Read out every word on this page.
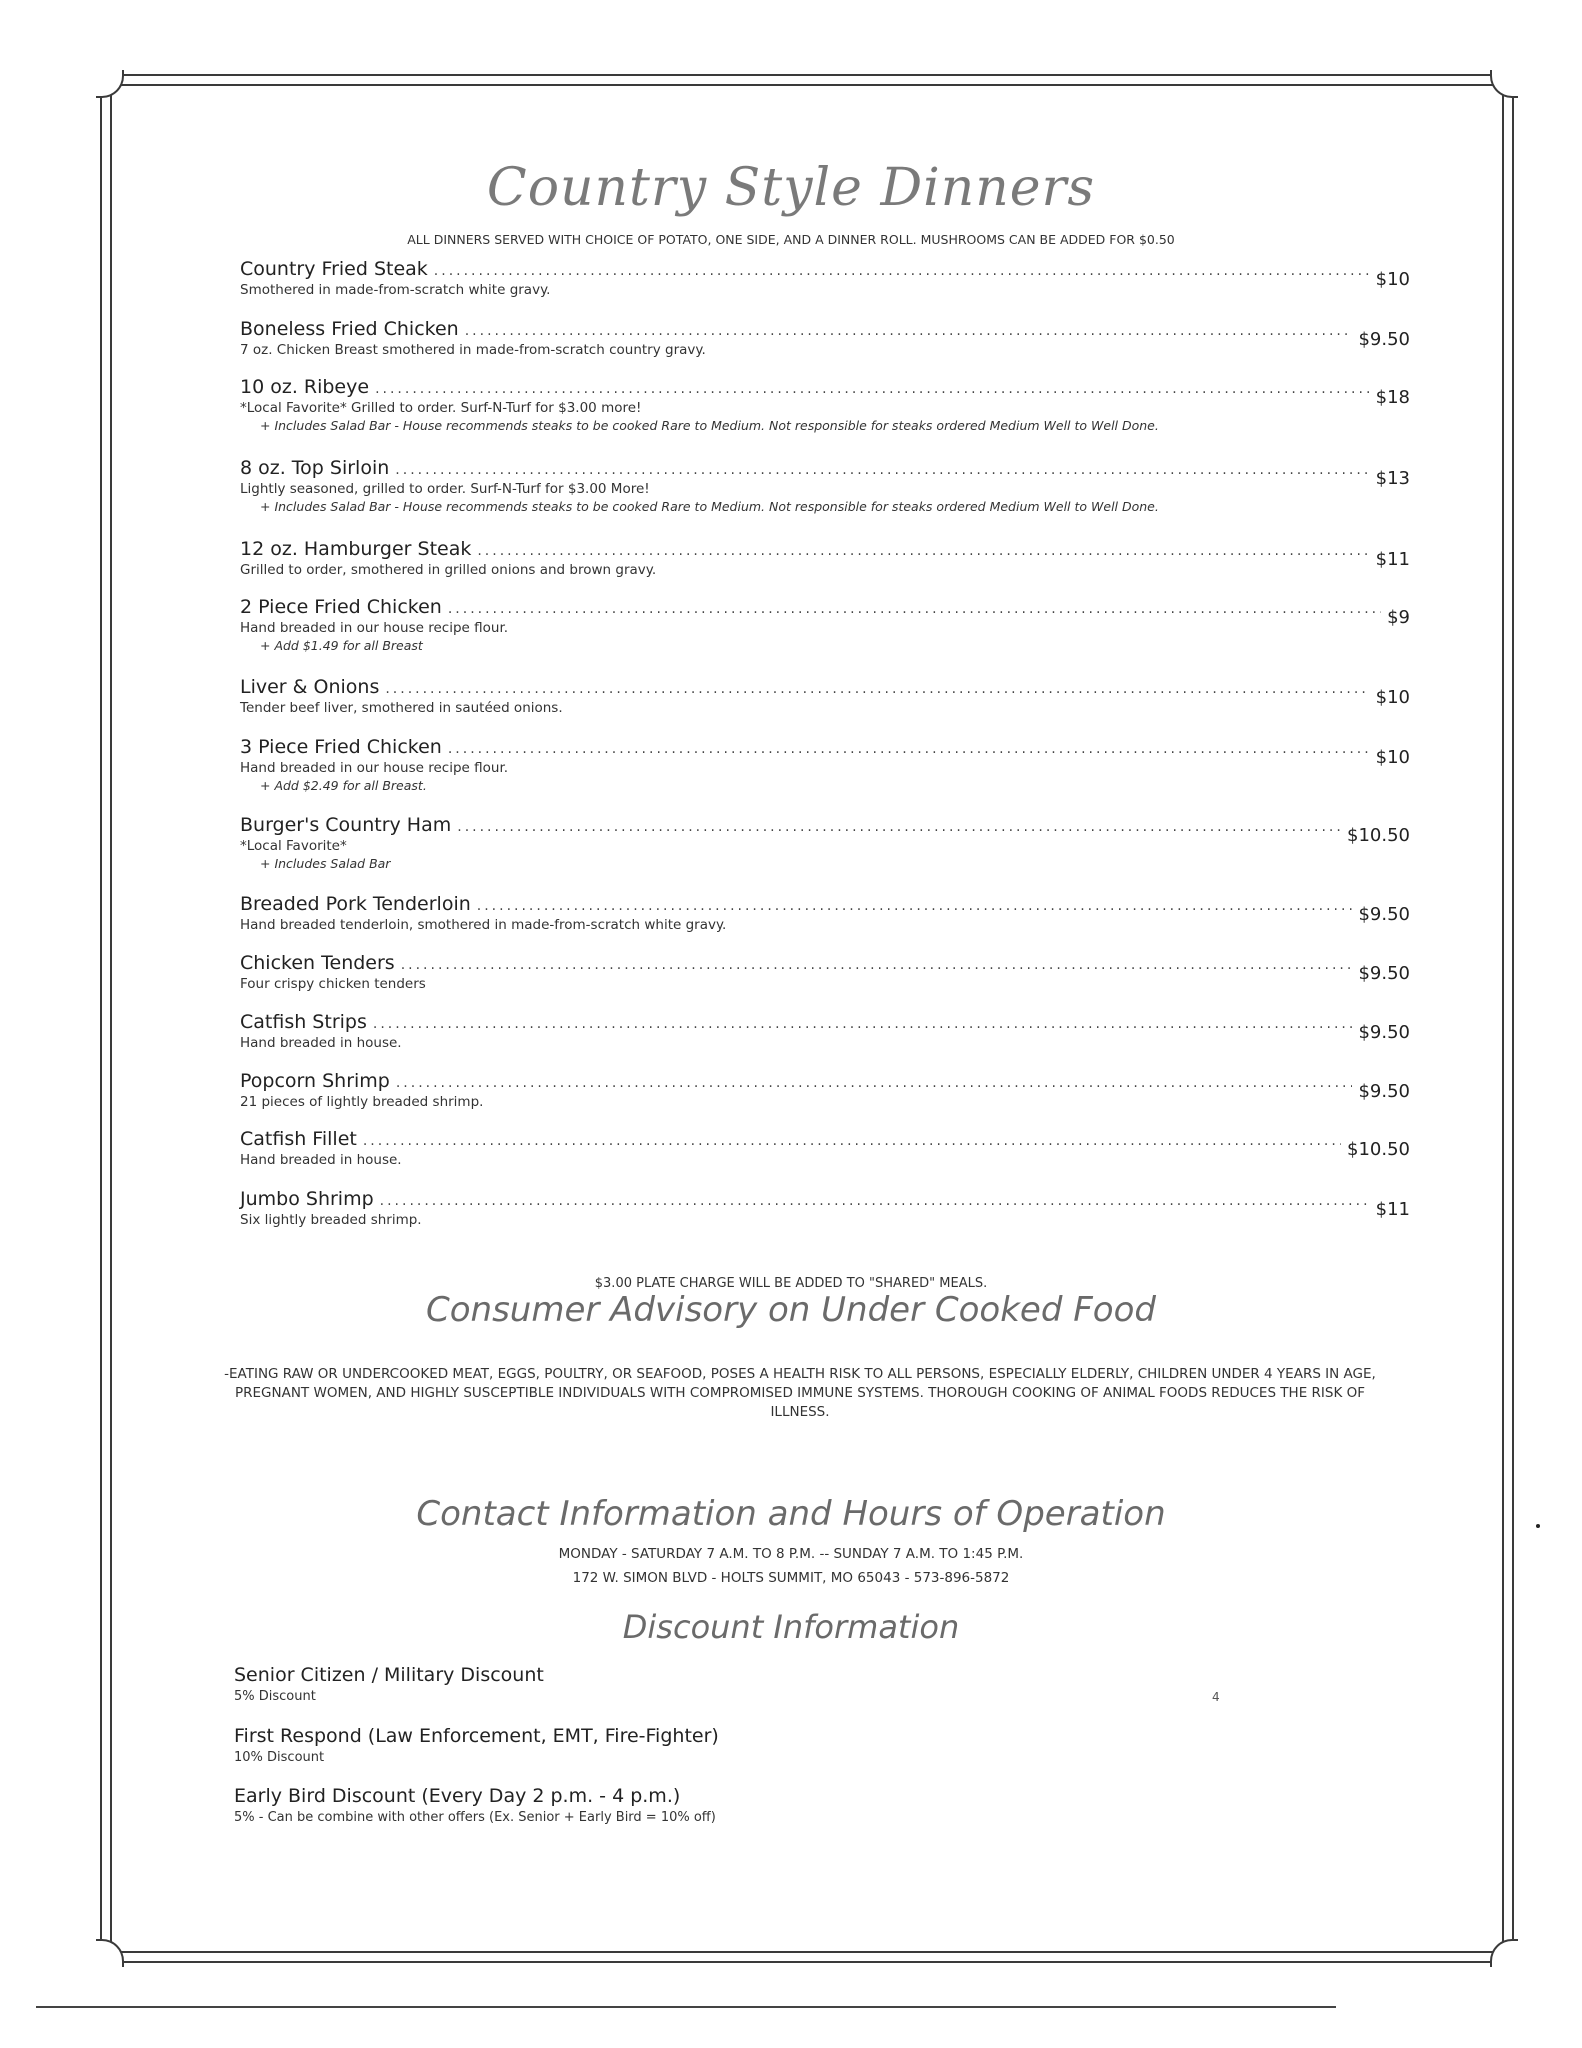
Country Style Dinners
ALL DINNERS SERVED WITH CHOICE OF POTATO, ONE SIDE, AND A DINNER ROLL. MUSHROOMS CAN BE ADDED FOR $0.50
Country Fried Steak .....	$10
Smothered in made-from-scratch white gravy.
Boneless Fried Chicken .....	$9.50
7 oz. Chicken Breast smothered in made-from-scratch country gravy.
10 oz. Ribeye .....	$18
*Local Favorite* Grilled to order. Surf-N-Turf for $3.00 more!
+ Includes Salad Bar - House recommends steaks to be cooked Rare to Medium. Not responsible for steaks ordered Medium Well to Well Done.
8 oz. Top Sirloin .....	$13
Lightly seasoned, grilled to order. Surf-N-Turf for $3.00 More!
+ Includes Salad Bar - House recommends steaks to be cooked Rare to Medium. Not responsible for steaks ordered Medium Well to Well Done.
12 oz. Hamburger Steak .....	$11
Grilled to order, smothered in grilled onions and brown gravy.
2 Piece Fried Chicken .....	$9
Hand breaded in our house recipe flour.
+ Add $1.49 for all Breast
Liver & Onions .....	$10
Tender beef liver, smothered in sautéed onions.
3 Piece Fried Chicken .....	$10
Hand breaded in our house recipe flour.
+ Add $2.49 for all Breast.
Burger's Country Ham .....	$10.50
*Local Favorite*
+ Includes Salad Bar
Breaded Pork Tenderloin .....	$9.50
Hand breaded tenderloin, smothered in made-from-scratch white gravy.
Chicken Tenders .....	$9.50
Four crispy chicken tenders
Catfish Strips .....	$9.50
Hand breaded in house.
Popcorn Shrimp .....	$9.50
21 pieces of lightly breaded shrimp.
Catfish Fillet .....	$10.50
Hand breaded in house.
Jumbo Shrimp .....	$11
Six lightly breaded shrimp.
$3.00 PLATE CHARGE WILL BE ADDED TO "SHARED" MEALS.
Consumer Advisory on Under Cooked Food
-EATING RAW OR UNDERCOOKED MEAT, EGGS, POULTRY, OR SEAFOOD, POSES A HEALTH RISK TO ALL PERSONS, ESPECIALLY ELDERLY, CHILDREN UNDER 4 YEARS IN AGE, PREGNANT WOMEN, AND HIGHLY SUSCEPTIBLE INDIVIDUALS WITH COMPROMISED IMMUNE SYSTEMS. THOROUGH COOKING OF ANIMAL FOODS REDUCES THE RISK OF ILLNESS.
Contact Information and Hours of Operation
MONDAY - SATURDAY 7 A.M. TO 8 P.M. -- SUNDAY 7 A.M. TO 1:45 P.M.
172 W. SIMON BLVD - HOLTS SUMMIT, MO 65043 - 573-896-5872
Discount Information
Senior Citizen / Military Discount
5% Discount
First Respond (Law Enforcement, EMT, Fire-Fighter)
10% Discount
Early Bird Discount (Every Day 2 p.m. - 4 p.m.)
5% - Can be combine with other offers (Ex. Senior + Early Bird = 10% off)
4
